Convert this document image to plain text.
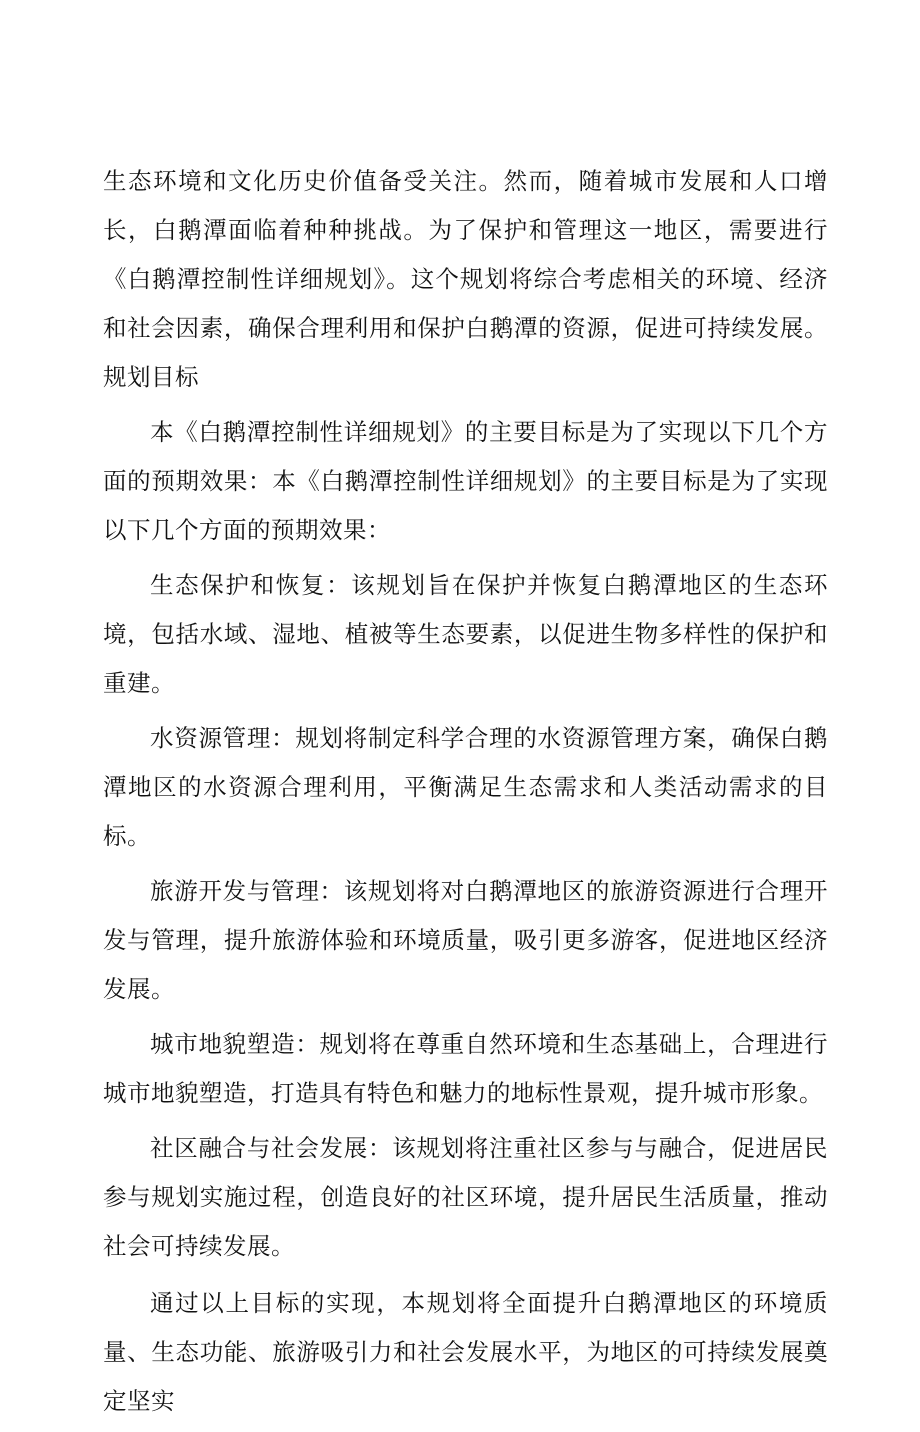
生态环境和文化历史价值备受关注。然而，随着城市发展和人口增长，白鹅潭面临着种种挑战。为了保护和管理这一地区，需要进行《白鹅潭控制性详细规划》。这个规划将综合考虑相关的环境、经济和社会因素，确保合理利用和保护白鹅潭的资源，促进可持续发展。规划目标

本《白鹅潭控制性详细规划》的主要目标是为了实现以下几个方面的预期效果：本《白鹅潭控制性详细规划》的主要目标是为了实现以下几个方面的预期效果：

生态保护和恢复：该规划旨在保护并恢复白鹅潭地区的生态环境，包括水域、湿地、植被等生态要素，以促进生物多样性的保护和重建。

水资源管理：规划将制定科学合理的水资源管理方案，确保白鹅潭地区的水资源合理利用，平衡满足生态需求和人类活动需求的目标。

旅游开发与管理：该规划将对白鹅潭地区的旅游资源进行合理开发与管理，提升旅游体验和环境质量，吸引更多游客，促进地区经济发展。

城市地貌塑造：规划将在尊重自然环境和生态基础上，合理进行城市地貌塑造，打造具有特色和魅力的地标性景观，提升城市形象。

社区融合与社会发展：该规划将注重社区参与与融合，促进居民参与规划实施过程，创造良好的社区环境，提升居民生活质量，推动社会可持续发展。

通过以上目标的实现，本规划将全面提升白鹅潭地区的环境质量、生态功能、旅游吸引力和社会发展水平，为地区的可持续发展奠定坚实
